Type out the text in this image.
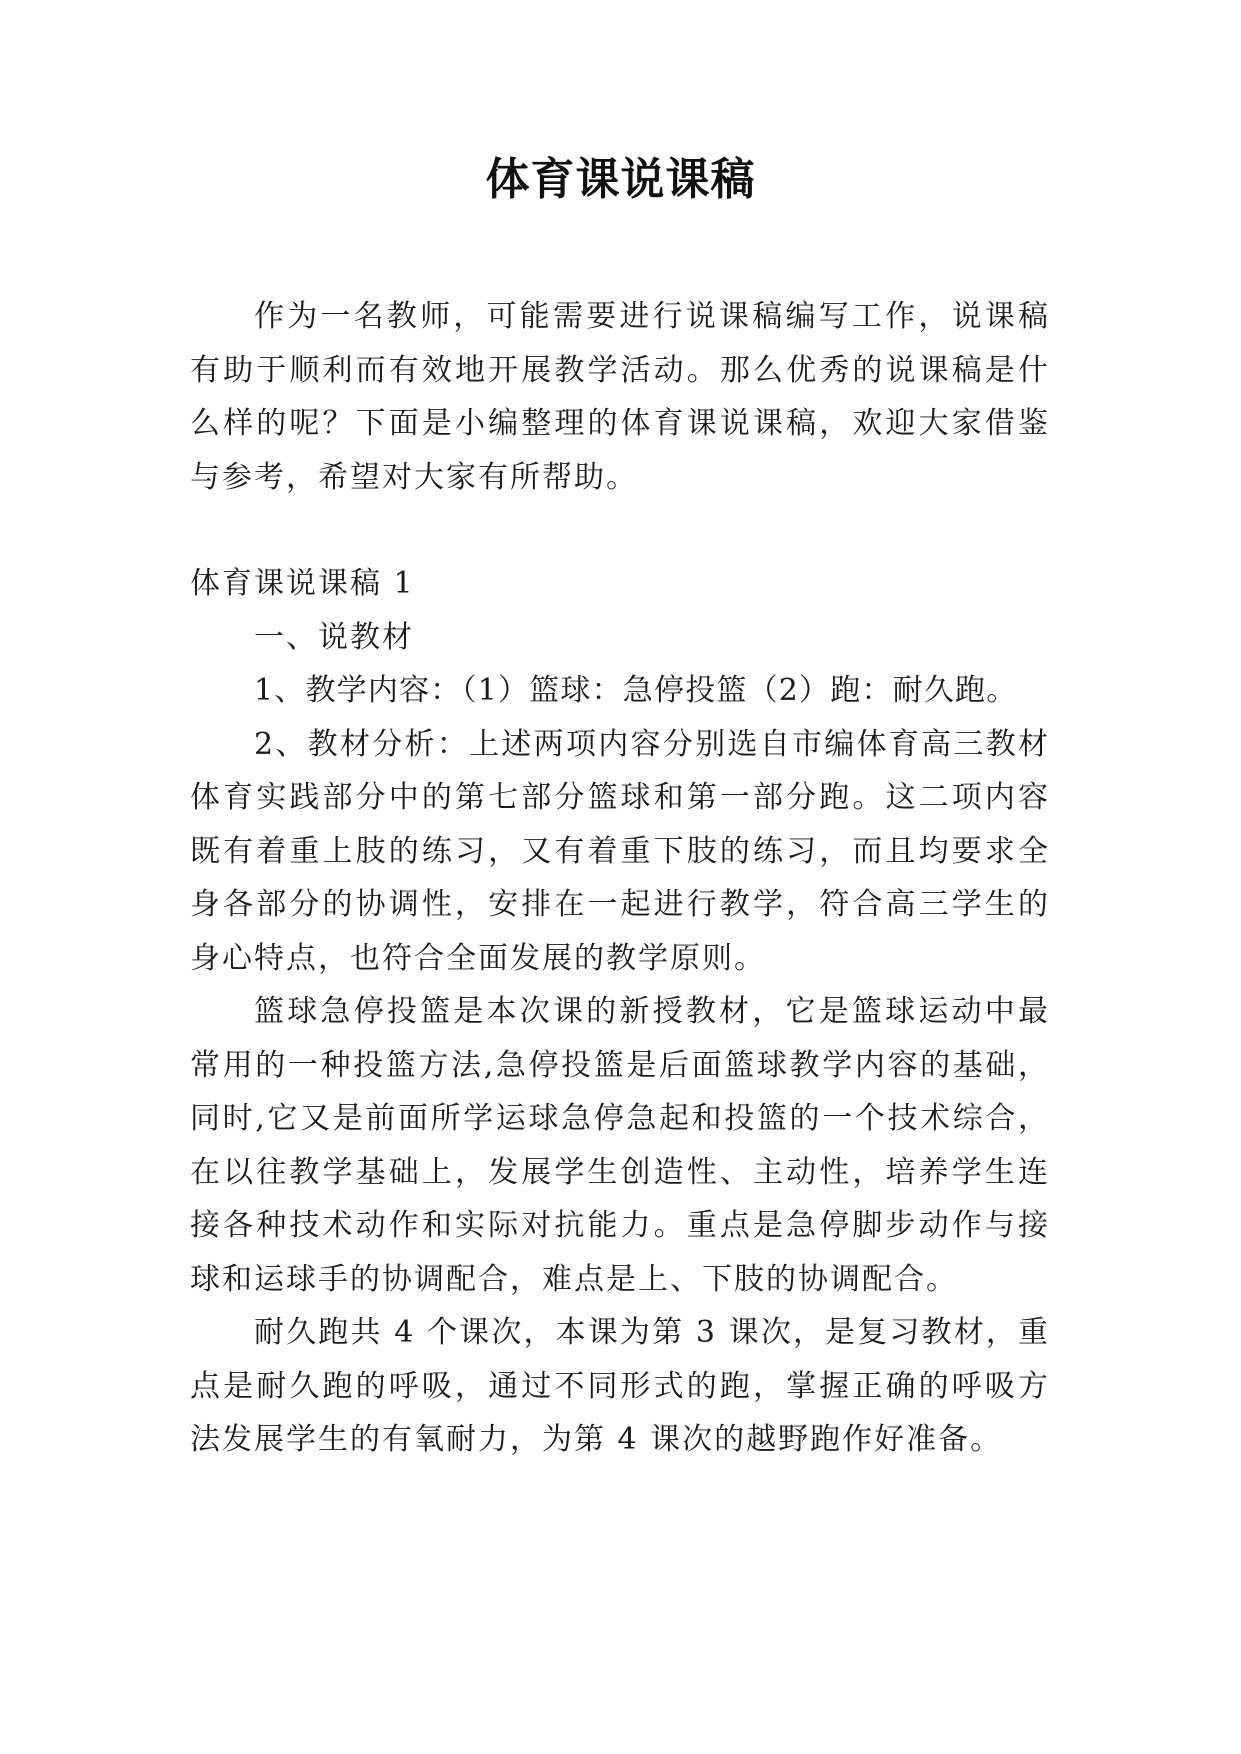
体育课说课稿

作为一名教师，可能需要进行说课稿编写工作，说课稿有助于顺利而有效地开展教学活动。那么优秀的说课稿是什么样的呢？下面是小编整理的体育课说课稿，欢迎大家借鉴与参考，希望对大家有所帮助。

体育课说课稿 1

一、说教材

1、教学内容：（1）篮球：急停投篮（2）跑：耐久跑。

2、教材分析：上述两项内容分别选自市编体育高三教材体育实践部分中的第七部分篮球和第一部分跑。这二项内容既有着重上肢的练习，又有着重下肢的练习，而且均要求全身各部分的协调性，安排在一起进行教学，符合高三学生的身心特点，也符合全面发展的教学原则。

篮球急停投篮是本次课的新授教材，它是篮球运动中最常用的一种投篮方法,急停投篮是后面篮球教学内容的基础，同时,它又是前面所学运球急停急起和投篮的一个技术综合，在以往教学基础上，发展学生创造性、主动性，培养学生连接各种技术动作和实际对抗能力。重点是急停脚步动作与接球和运球手的协调配合，难点是上、下肢的协调配合。

耐久跑共 4 个课次，本课为第 3 课次，是复习教材，重点是耐久跑的呼吸，通过不同形式的跑，掌握正确的呼吸方法发展学生的有氧耐力，为第 4 课次的越野跑作好准备。
